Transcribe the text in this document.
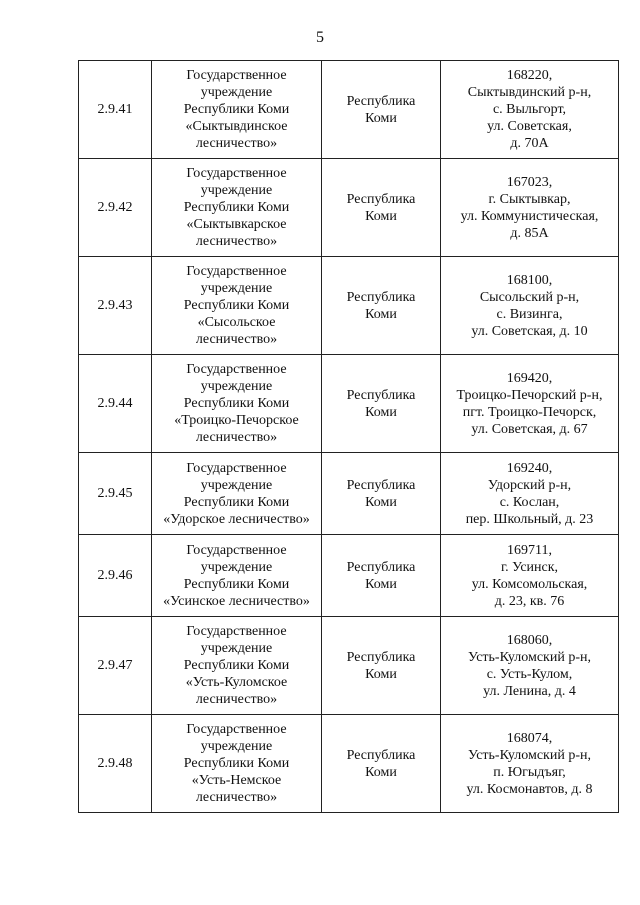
5
2.9.41	Государственное
учреждение
Республики Коми
«Сыктывдинское
лесничество»	Республика
Коми	168220,
Сыктывдинский р-н,
с. Выльгорт,
ул. Советская,
д. 70А

2.9.42	Государственное
учреждение
Республики Коми
«Сыктывкарское
лесничество»	Республика
Коми	167023,
г. Сыктывкар,
ул. Коммунистическая,
д. 85А

2.9.43	Государственное
учреждение
Республики Коми
«Сысольское
лесничество»	Республика
Коми	168100,
Сысольский р-н,
с. Визинга,
ул. Советская, д. 10

2.9.44	Государственное
учреждение
Республики Коми
«Троицко-Печорское
лесничество»	Республика
Коми	169420,
Троицко-Печорский р-н,
пгт. Троицко-Печорск,
ул. Советская, д. 67

2.9.45	Государственное
учреждение
Республики Коми
«Удорское лесничество»	Республика
Коми	169240,
Удорский р-н,
с. Кослан,
пер. Школьный, д. 23

2.9.46	Государственное
учреждение
Республики Коми
«Усинское лесничество»	Республика
Коми	169711,
г. Усинск,
ул. Комсомольская,
д. 23, кв. 76

2.9.47	Государственное
учреждение
Республики Коми
«Усть-Куломское
лесничество»	Республика
Коми	168060,
Усть-Куломский р-н,
с. Усть-Кулом,
ул. Ленина, д. 4

2.9.48	Государственное
учреждение
Республики Коми
«Усть-Немское
лесничество»	Республика
Коми	168074,
Усть-Куломский р-н,
п. Югыдъяг,
ул. Космонавтов, д. 8
